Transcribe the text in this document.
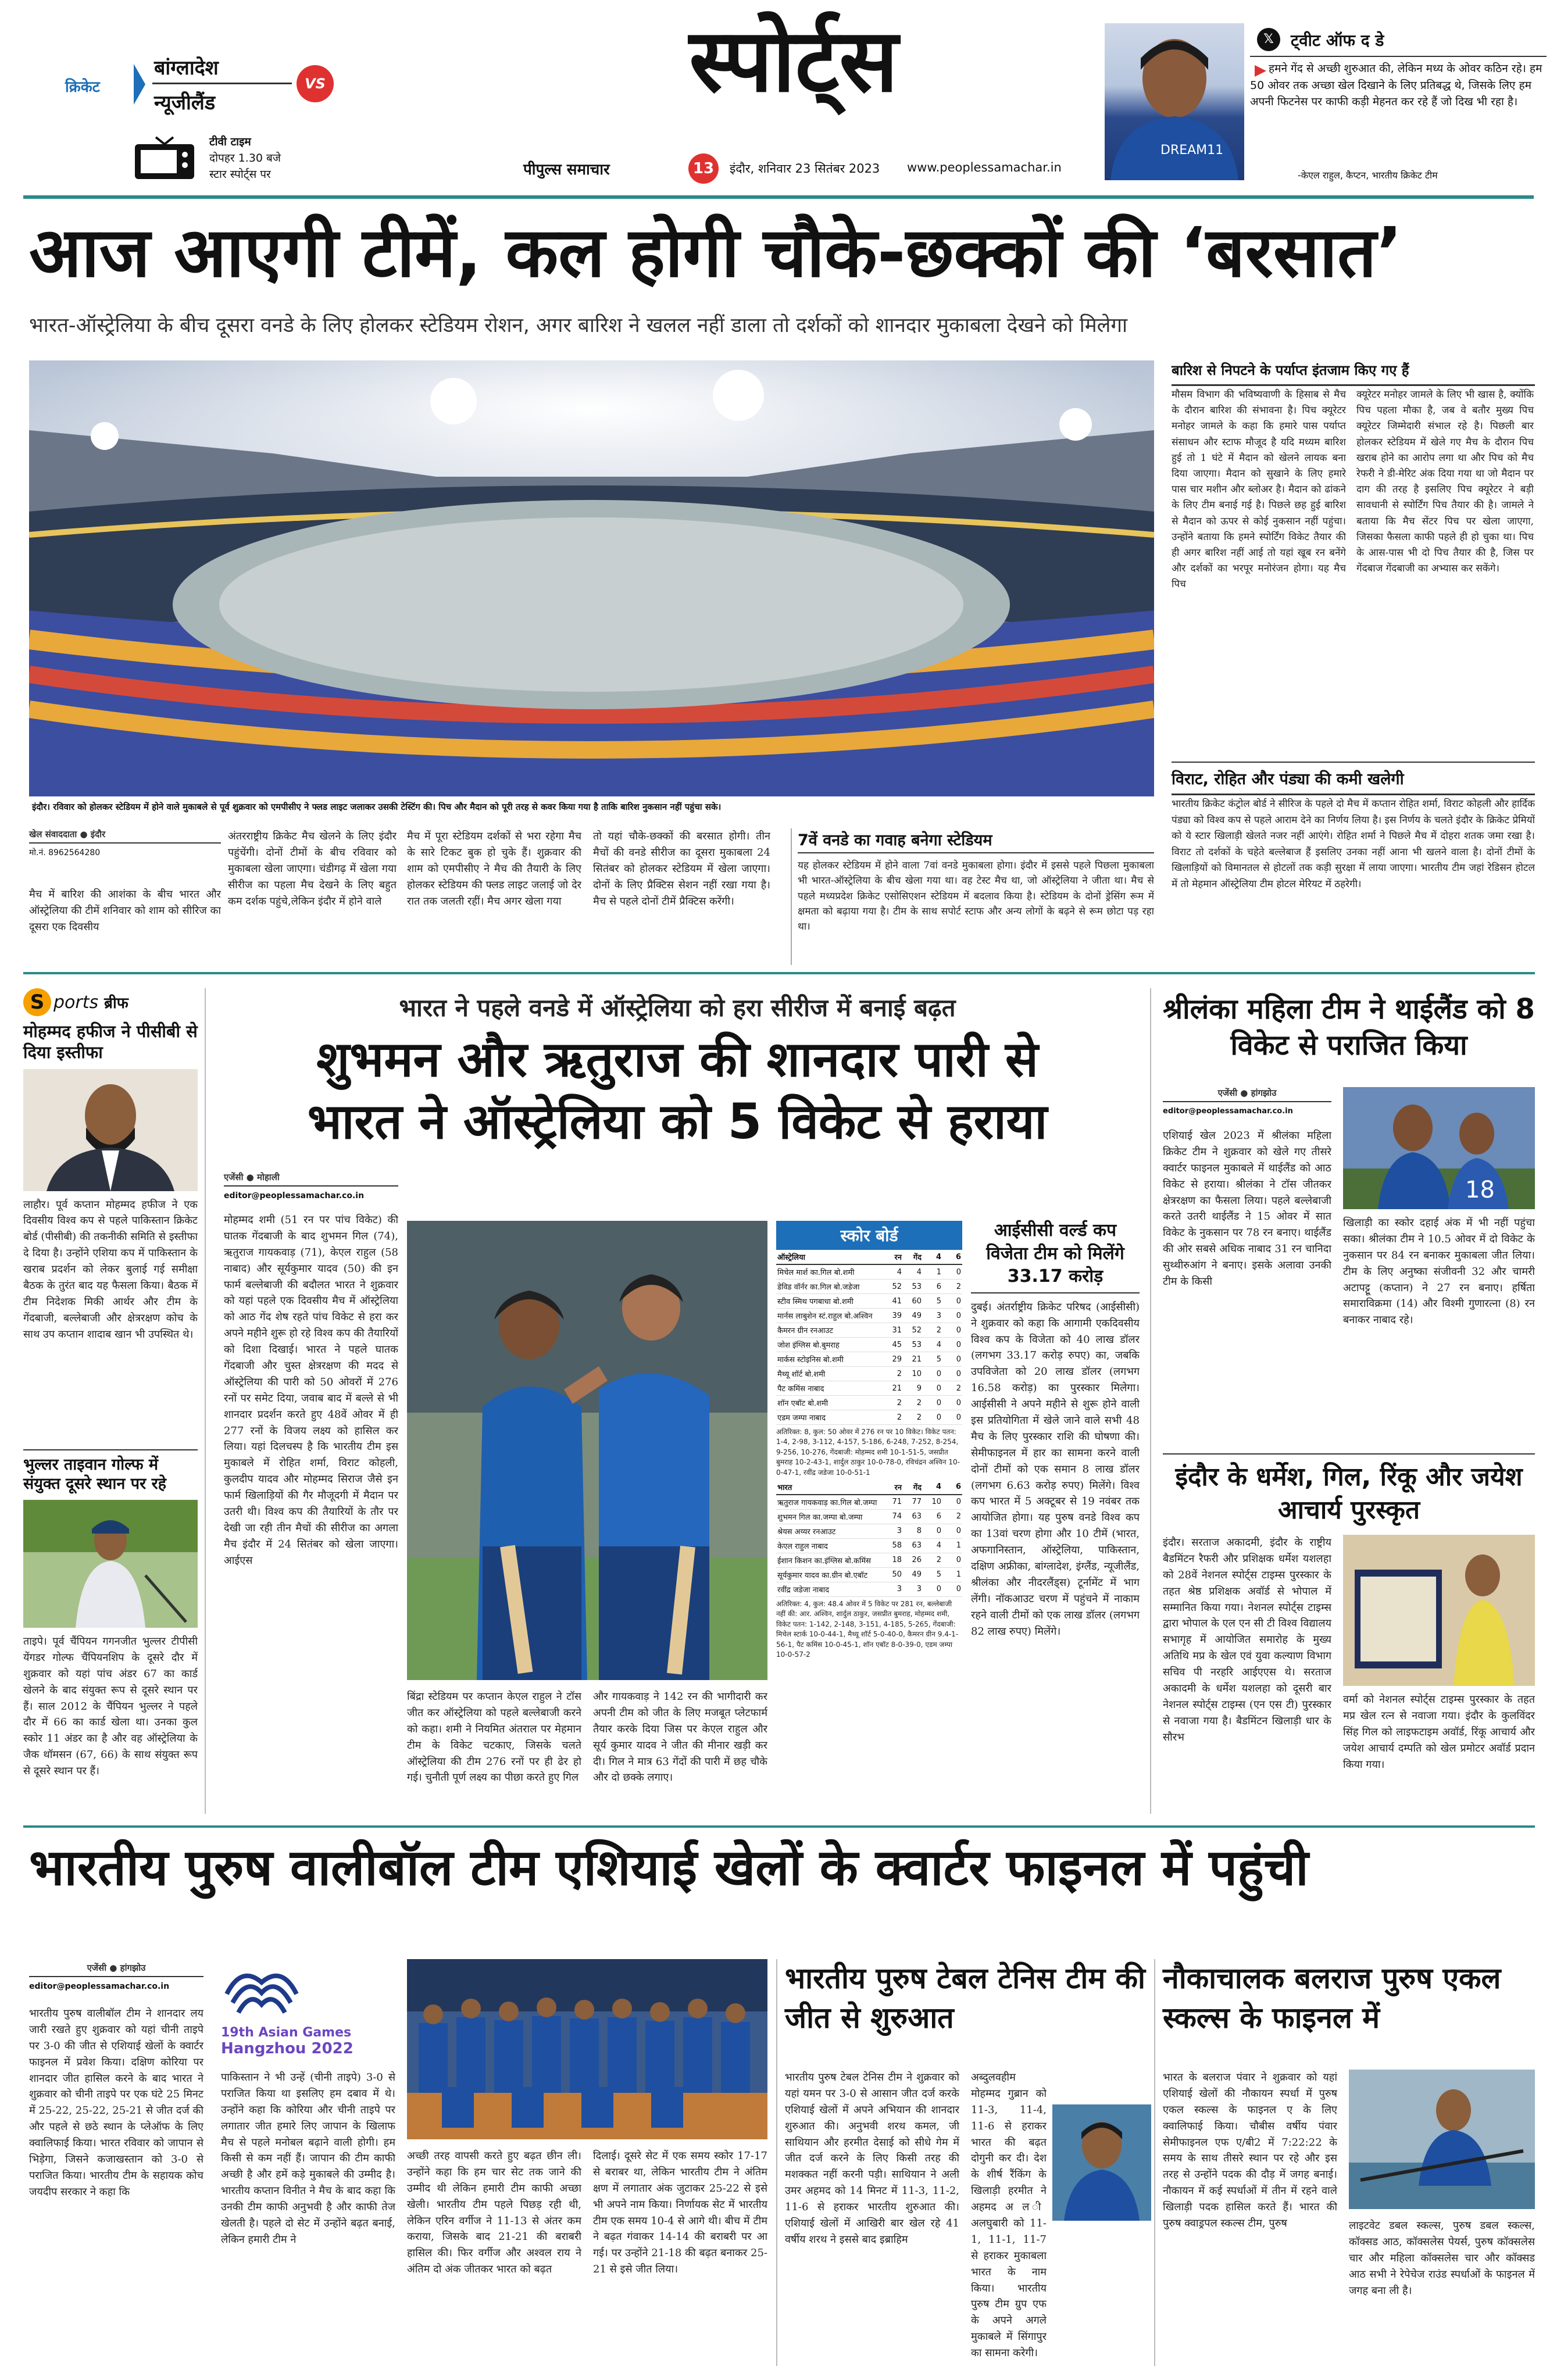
क्रिकेट
बांग्लादेश
न्यूजीलैंड
VS
टीवी टाइम
दोपहर 1.30 बजे
स्टार स्पोर्ट्स पर
स्पोर्ट्स
पीपुल्स समाचार	13	इंदौर, शनिवार 23 सितंबर 2023 www.peoplessamachar.in
DREAM11
𝕏	ट्वीट ऑफ द डे
हमने गेंद से अच्छी शुरुआत की, लेकिन मध्य के ओवर कठिन रहे। हम 50 ओवर तक अच्छा खेल दिखाने के लिए प्रतिबद्ध थे, जिसके लिए हम अपनी फिटनेस पर काफी कड़ी मेहनत कर रहे हैं जो दिख भी रहा है।
-केएल राहुल, कैप्टन, भारतीय क्रिकेट टीम
आज आएगी टीमें, कल होगी चौके-छक्कों की ‘बरसात’
भारत-ऑस्ट्रेलिया के बीच दूसरा वनडे के लिए होलकर स्टेडियम रोशन, अगर बारिश ने खलल नहीं डाला तो दर्शकों को शानदार मुकाबला देखने को मिलेगा
इंदौर। रविवार को होलकर स्टेडियम में होने वाले मुकाबले से पूर्व शुक्रवार को एमपीसीए ने फ्लड लाइट जलाकर उसकी टेस्टिंग की। पिच और मैदान को पूरी तरह से कवर किया गया है ताकि बारिश नुकसान नहीं पहुंचा सके।
बारिश से निपटने के पर्याप्त इंतजाम किए गए हैं
मौसम विभाग की भविष्यवाणी के हिसाब से मैच के दौरान बारिश की संभावना है। पिच क्यूरेटर मनोहर जामले के कहा कि हमारे पास पर्याप्त संसाधन और स्टाफ मौजूद है यदि मध्यम बारिश हुई तो 1 घंटे में मैदान को खेलने लायक बना दिया जाएगा। मैदान को सुखाने के लिए हमारे पास चार मशीन और ब्लोअर है। मैदान को ढांकने के लिए टीम बनाई गई है। पिछले छह हुई बारिश से मैदान को ऊपर से कोई नुकसान नहीं पहुंचा। उन्होंने बताया कि हमने स्पोर्टिंग विकेट तैयार की ही अगर बारिश नहीं आई तो यहां खूब रन बनेंगे और दर्शकों का भरपूर मनोरंजन होगा। यह मैच पिच
क्यूरेटर मनोहर जामले के लिए भी खास है, क्योंकि पिच पहला मौका है, जब वे बतौर मुख्य पिच क्यूरेटर जिम्मेदारी संभाल रहे है। पिछली बार होलकर स्टेडियम में खेले गए मैच के दौरान पिच खराब होने का आरोप लगा था और पिच को मैच रेफरी ने डी-मेरिट अंक दिया गया था जो मैदान पर दाग की तरह है इसलिए पिच क्यूरेटर ने बड़ी सावधानी से स्पोर्टिंग पिच तैयार की है। जामले ने बताया कि मैच सेंटर पिच पर खेला जाएगा, जिसका फैसला काफी पहले ही हो चुका था। पिच के आस-पास भी दो पिच तैयार की है, जिस पर गेंदबाज गेंदबाजी का अभ्यास कर सकेंगे।
विराट, रोहित और पंड्या की कमी खलेगी
भारतीय क्रिकेट कंट्रोल बोर्ड ने सीरिज के पहले दो मैच में कप्तान रोहित शर्मा, विराट कोहली और हार्दिक पंड्या को विश्व कप से पहले आराम देने का निर्णय लिया है। इस निर्णय के चलते इंदौर के क्रिकेट प्रेमियों को ये स्टार खिलाड़ी खेलते नजर नहीं आएंगे। रोहित शर्मा ने पिछले मैच में दोहरा शतक जमा रखा है। विराट तो दर्शकों के चहेते बल्लेबाज हैं इसलिए उनका नहीं आना भी खलने वाला है। दोनों टीमों के खिलाड़ियों को विमानतल से होटलों तक कड़ी सुरक्षा में लाया जाएगा। भारतीय टीम जहां रेडिसन होटल में तो मेहमान ऑस्ट्रेलिया टीम होटल मेरियट में ठहरेगी।
खेल संवाददाता ● इंदौर
मो.नं. 8962564280
मैच में बारिश की आशंका के बीच भारत और ऑस्ट्रेलिया की टीमें शनिवार को शाम को सीरिज का दूसरा एक दिवसीय
अंतरराष्ट्रीय क्रिकेट मैच खेलने के लिए इंदौर पहुंचेंगी। दोनों टीमों के बीच रविवार को मुकाबला खेला जाएगा। चंडीगढ़ में खेला गया सीरीज का पहला मैच देखने के लिए बहुत कम दर्शक पहुंचे,लेकिन इंदौर में होने वाले
मैच में पूरा स्टेडियम दर्शकों से भरा रहेगा मैच के सारे टिकट बुक हो चुके हैं। शुक्रवार की शाम को एमपीसीए ने मैच की तैयारी के लिए होलकर स्टेडियम की फ्लड लाइट जलाई जो देर रात तक जलती रहीं। मैच अगर खेला गया
तो यहां चौके-छक्कों की बरसात होगी। तीन मैचों की वनडे सीरीज का दूसरा मुकाबला 24 सितंबर को होलकर स्टेडियम में खेला जाएगा। दोनों के लिए प्रैक्टिस सेशन नहीं रखा गया है। मैच से पहले दोनों टीमें प्रैक्टिस करेंगी।
7वें वनडे का गवाह बनेगा स्टेडियम
यह होलकर स्टेडियम में होने वाला 7वां वनडे मुकाबला होगा। इंदौर में इससे पहले पिछला मुकाबला भी भारत-ऑस्ट्रेलिया के बीच खेला गया था। वह टेस्ट मैच था, जो ऑस्ट्रेलिया ने जीता था। मैच से पहले मध्यप्रदेश क्रिकेट एसोसिएशन स्टेडियम में बदलाव किया है। स्टेडियम के दोनों ड्रेसिंग रूम में क्षमता को बढ़ाया गया है। टीम के साथ सपोर्ट स्टाफ और अन्य लोगों के बढ़ने से रूम छोटा पड़ रहा था।
S ports ब्रीफ
मोहम्मद हफीज ने पीसीबी से दिया इस्तीफा
लाहौर। पूर्व कप्तान मोहम्मद हफीज ने एक दिवसीय विश्व कप से पहले पाकिस्तान क्रिकेट बोर्ड (पीसीबी) की तकनीकी समिति से इस्तीफा दे दिया है। उन्होंने एशिया कप में पाकिस्तान के खराब प्रदर्शन को लेकर बुलाई गई समीक्षा बैठक के तुरंत बाद यह फैसला किया। बैठक में टीम निदेशक मिकी आर्थर और टीम के गेंदबाजी, बल्लेबाजी और क्षेत्ररक्षण कोच के साथ उप कप्तान शादाब खान भी उपस्थित थे।
भुल्लर ताइवान गोल्फ में संयुक्त दूसरे स्थान पर रहे
ताइपे। पूर्व चैंपियन गगनजीत भुल्लर टीपीसी येंगडर गोल्फ चैंपियनशिप के दूसरे दौर में शुक्रवार को यहां पांच अंडर 67 का कार्ड खेलने के बाद संयुक्त रूप से दूसरे स्थान पर हैं। साल 2012 के चैंपियन भुल्लर ने पहले दौर में 66 का कार्ड खेला था। उनका कुल स्कोर 11 अंडर का है और वह ऑस्ट्रेलिया के जैक थॉमसन (67, 66) के साथ संयुक्त रूप से दूसरे स्थान पर हैं।
भारत ने पहले वनडे में ऑस्ट्रेलिया को हरा सीरीज में बनाई बढ़त
शुभमन और ऋतुराज की शानदार पारी से
भारत ने ऑस्ट्रेलिया को 5 विकेट से हराया
एजेंसी ● मोहाली
editor@peoplessamachar.co.in
मोहम्मद शमी (51 रन पर पांच विकेट) की घातक गेंदबाजी के बाद शुभमन गिल (74), ऋतुराज गायकवाड़ (71), केएल राहुल (58 नाबाद) और सूर्यकुमार यादव (50) की इन फार्म बल्लेबाजी की बदौलत भारत ने शुक्रवार को यहां पहले एक दिवसीय मैच में ऑस्ट्रेलिया को आठ गेंद शेष रहते पांच विकेट से हरा कर अपने महीने शुरू हो रहे विश्व कप की तैयारियों को दिशा दिखाई। भारत ने पहले घातक गेंदबाजी और चुस्त क्षेत्ररक्षण की मदद से ऑस्ट्रेलिया की पारी को 50 ओवरों में 276 रनों पर समेट दिया, जवाब बाद में बल्ले से भी शानदार प्रदर्शन करते हुए 48वें ओवर में ही 277 रनों के विजय लक्ष्य को हासिल कर लिया। यहां दिलचस्प है कि भारतीय टीम इस मुकाबले में रोहित शर्मा, विराट कोहली, कुलदीप यादव और मोहम्मद सिराज जैसे इन फार्म खिलाड़ियों की गैर मौजूदगी में मैदान पर उतरी थी। विश्व कप की तैयारियों के तौर पर देखी जा रही तीन मैचों की सीरीज का अगला मैच इंदौर में 24 सितंबर को खेला जाएगा। आईएस
बिंद्रा स्टेडियम पर कप्तान केएल राहुल ने टॉस जीत कर ऑस्ट्रेलिया को पहले बल्लेबाजी करने को कहा। शमी ने नियमित अंतराल पर मेहमान टीम के विकेट चटकाए, जिसके चलते ऑस्ट्रेलिया की टीम 276 रनों पर ही ढेर हो गई। चुनौती पूर्ण लक्ष्य का पीछा करते हुए गिल
और गायकवाड़ ने 142 रन की भागीदारी कर अपनी टीम को जीत के लिए मजबूत प्लेटफार्म तैयार करके दिया जिस पर केएल राहुल और सूर्य कुमार यादव ने जीत की मीनार खड़ी कर दी। गिल ने मात्र 63 गेंदों की पारी में छह चौके और दो छक्के लगाए।
स्कोर बोर्ड
ऑस्ट्रेलिया	रन	गेंद	4	6
मिचेल मार्श का.गिल बो.शमी	4	4	1	0
डेविड वॉर्नर का.गिल बो.जडेजा	52	53	6	2
स्टीव स्मिथ पगबाधा बो.शमी	41	60	5	0
मार्नस लाबुशेन स्टं.राहुल बो.अश्विन	39	49	3	0
कैमरन ग्रीन रनआउट	31	52	2	0
जोश इंग्लिस बो.बुमराह	45	53	4	0
मार्कस स्टोइनिस बो.शमी	29	21	5	0
मैथ्यू शॉर्ट बो.शमी	2	10	0	0
पैट कमिंस नाबाद	21	9	0	2
शॉन एबॉट बो.शमी	2	2	0	0
एडम जम्पा नाबाद	2	2	0	0
अतिरिक्त: 8, कुल: 50 ओवर में 276 रन पर 10 विकेट। विकेट पतन: 1-4, 2-98, 3-112, 4-157, 5-186, 6-248, 7-252, 8-254, 9-256, 10-276, गेंदबाजी: मोहम्मद शमी 10-1-51-5, जसप्रीत बुमराह 10-2-43-1, शार्दुल ठाकुर 10-0-78-0, रविचंद्रन अश्विन 10-0-47-1, रवींद्र जडेजा 10-0-51-1
भारत	रन	गेंद	4	6
ऋतुराज गायकवाड़ का.गिल बो.जम्पा	71	77	10	0
शुभमन गिल का.जम्पा बो.जम्पा	74	63	6	2
श्रेयस अय्यर रनआउट	3	8	0	0
केएल राहुल नाबाद	58	63	4	1
ईशान किशन का.इंग्लिस बो.कमिंस	18	26	2	0
सूर्यकुमार यादव का.ग्रीन बो.एबॉट	50	49	5	1
रवींद्र जडेजा नाबाद	3	3	0	0
अतिरिक्त: 4, कुल: 48.4 ओवर में 5 विकेट पर 281 रन, बल्लेबाजी नहीं की: आर. अश्विन, शार्दुल ठाकुर, जसप्रीत बुमराह, मोहम्मद शमी, विकेट पतन: 1-142, 2-148, 3-151, 4-185, 5-265, गेंदबाजी: मिचेल स्टार्क 10-0-44-1, मैथ्यू शॉर्ट 5-0-40-0, कैमरन ग्रीन 9.4-1-56-1, पैट कमिंस 10-0-45-1, शॉन एबॉट 8-0-39-0, एडम जम्पा 10-0-57-2
आईसीसी वर्ल्ड कप
विजेता टीम को मिलेंगे
33.17 करोड़
दुबई। अंतर्राष्ट्रीय क्रिकेट परिषद (आईसीसी) ने शुक्रवार को कहा कि आगामी एकदिवसीय विश्व कप के विजेता को 40 लाख डॉलर (लगभग 33.17 करोड़ रुपए) का, जबकि उपविजेता को 20 लाख डॉलर (लगभग 16.58 करोड़) का पुरस्कार मिलेगा। आईसीसी ने अपने महीने से शुरू होने वाली इस प्रतियोगिता में खेले जाने वाले सभी 48 मैच के लिए पुरस्कार राशि की घोषणा की। सेमीफाइनल में हार का सामना करने वाली दोनों टीमों को एक समान 8 लाख डॉलर (लगभग 6.63 करोड़ रुपए) मिलेंगे। विश्व कप भारत में 5 अक्टूबर से 19 नवंबर तक आयोजित होगा। यह पुरुष वनडे विश्व कप का 13वां चरण होगा और 10 टीमें (भारत, अफगानिस्तान, ऑस्ट्रेलिया, पाकिस्तान, दक्षिण अफ्रीका, बांग्लादेश, इंग्लैंड, न्यूजीलैंड, श्रीलंका और नीदरलैंड्स) टूर्नामेंट में भाग लेंगी। नॉकआउट चरण में पहुंचने में नाकाम रहने वाली टीमों को एक लाख डॉलर (लगभग 82 लाख रुपए) मिलेंगे।
श्रीलंका महिला टीम ने थाईलैंड को 8 विकेट से पराजित किया
एजेंसी ● हांगझोउ
editor@peoplessamachar.co.in
एशियाई खेल 2023 में श्रीलंका महिला क्रिकेट टीम ने शुक्रवार को खेले गए तीसरे क्वार्टर फाइनल मुकाबले में थाईलैंड को आठ विकेट से हराया। श्रीलंका ने टॉस जीतकर क्षेत्ररक्षण का फैसला लिया। पहले बल्लेबाजी करते उतरी थाईलैंड ने 15 ओवर में सात विकेट के नुकसान पर 78 रन बनाए। थाईलैंड की ओर सबसे अधिक नाबाद 31 रन चानिदा सुथ्थीरुआंग ने बनाए। इसके अलावा उनकी टीम के किसी
18
खिलाड़ी का स्कोर दहाई अंक में भी नहीं पहुंचा सका। श्रीलंका टीम ने 10.5 ओवर में दो विकेट के नुकसान पर 84 रन बनाकर मुकाबला जीत लिया। टीम के लिए अनुष्का संजीवनी 32 और चामरी अटापट्टू (कप्तान) ने 27 रन बनाए। हर्षिता समाराविक्रमा (14) और विश्मी गुणारत्ना (8) रन बनाकर नाबाद रहे।
इंदौर के धर्मेश, गिल, रिंकू और जयेश आचार्य पुरस्कृत
इंदौर। सरताज अकादमी, इंदौर के राष्ट्रीय बैडमिंटन रैफरी और प्रशिक्षक धर्मेश यशलहा को 28वें नेशनल स्पोर्ट्स टाइम्स पुरस्कार के तहत श्रेष्ठ प्रशिक्षक अवॉर्ड से भोपाल में सम्मानित किया गया। नेशनल स्पोर्ट्स टाइम्स द्वारा भोपाल के एल एन सी टी विश्व विद्यालय सभागृह में आयोजित समारोह के मुख्य अतिथि मप्र के खेल एवं युवा कल्याण विभाग सचिव पी नरहरि आईएएस थे। सरताज अकादमी के धर्मेश यशलहा को दूसरी बार नेशनल स्पोर्ट्स टाइम्स (एन एस टी) पुरस्कार से नवाजा गया है। बैडमिंटन खिलाड़ी धार के सौरभ
वर्मा को नेशनल स्पोर्ट्स टाइम्स पुरस्कार के तहत मप्र खेल रत्न से नवाजा गया। इंदौर के कुलविंदर सिंह गिल को लाइफटाइम अवॉर्ड, रिंकू आचार्य और जयेश आचार्य दम्पति को खेल प्रमोटर अवॉर्ड प्रदान किया गया।
भारतीय पुरुष वालीबॉल टीम एशियाई खेलों के क्वार्टर फाइनल में पहुंची
एजेंसी ● हांगझोउ
editor@peoplessamachar.co.in
भारतीय पुरुष वालीबॉल टीम ने शानदार लय जारी रखते हुए शुक्रवार को यहां चीनी ताइपे पर 3-0 की जीत से एशियाई खेलों के क्वार्टर फाइनल में प्रवेश किया। दक्षिण कोरिया पर शानदार जीत हासिल करने के बाद भारत ने शुक्रवार को चीनी ताइपे पर एक घंटे 25 मिनट में 25-22, 25-22, 25-21 से जीत दर्ज की और पहले से छठे स्थान के प्लेऑफ के लिए क्वालिफाई किया। भारत रविवार को जापान से भिड़ेगा, जिसने कजाखस्तान को 3-0 से पराजित किया। भारतीय टीम के सहायक कोच जयदीप सरकार ने कहा कि
19th Asian Games
Hangzhou 2022
पाकिस्तान ने भी उन्हें (चीनी ताइपे) 3-0 से पराजित किया था इसलिए हम दबाव में थे। उन्होंने कहा कि कोरिया और चीनी ताइपे पर लगातार जीत हमारे लिए जापान के खिलाफ मैच से पहले मनोबल बढ़ाने वाली होगी। हम किसी से कम नहीं हैं। जापान की टीम काफी अच्छी है और हमें कड़े मुकाबले की उम्मीद है। भारतीय कप्तान विनीत ने मैच के बाद कहा कि उनकी टीम काफी अनुभवी है और काफी तेज खेलती है। पहले दो सेट में उन्होंने बढ़त बनाई, लेकिन हमारी टीम ने
अच्छी तरह वापसी करते हुए बढ़त छीन ली। उन्होंने कहा कि हम चार सेट तक जाने की उम्मीद थी लेकिन हमारी टीम काफी अच्छा खेली। भारतीय टीम पहले पिछड़ रही थी, लेकिन एरिन वर्गीज ने 11-13 से अंतर कम कराया, जिसके बाद 21-21 की बराबरी हासिल की। फिर वर्गीज और अश्वल राय ने अंतिम दो अंक जीतकर भारत को बढ़त
दिलाई। दूसरे सेट में एक समय स्कोर 17-17 से बराबर था, लेकिन भारतीय टीम ने अंतिम क्षण में लगातार अंक जुटाकर 25-22 से इसे भी अपने नाम किया। निर्णायक सेट में भारतीय टीम एक समय 10-4 से आगे थी। बीच में टीम ने बढ़त गंवाकर 14-14 की बराबरी पर आ गई। पर उन्होंने 21-18 की बढ़त बनाकर 25-21 से इसे जीत लिया।
भारतीय पुरुष टेबल टेनिस टीम की जीत से शुरुआत
भारतीय पुरुष टेबल टेनिस टीम ने शुक्रवार को यहां यमन पर 3-0 से आसान जीत दर्ज करके एशियाई खेलों में अपने अभियान की शानदार शुरुआत की। अनुभवी शरथ कमल, जी साथियान और हरमीत देसाई को सीधे गेम में जीत दर्ज करने के लिए किसी तरह की मशक्कत नहीं करनी पड़ी। साथियान ने अली उमर अहमद को 14 मिनट में 11-3, 11-2, 11-6 से हराकर भारतीय शुरुआत की। एशियाई खेलों में आखिरी बार खेल रहे 41 वर्षीय शरथ ने इससे बाद इब्राहिम
अब्दुलवहीम मोहम्मद गुब्रान को 11-3, 11-4, 11-6 से हराकर भारत की बढ़त दोगुनी कर दी। देश के शीर्ष रैंकिंग के खिलाड़ी हरमीत ने अहमद अ ल ी अलघुबारी को 11-1, 11-1, 11-7 से हराकर मुकाबला भारत के नाम किया। भारतीय पुरुष टीम ग्रुप एफ के अपने अगले मुकाबले में सिंगापुर का सामना करेगी।
नौकाचालक बलराज पुरुष एकल स्कल्स के फाइनल में
भारत के बलराज पंवार ने शुक्रवार को यहां एशियाई खेलों की नौकायन स्पर्धा में पुरुष एकल स्कल्स के फाइनल ए के लिए क्वालिफाई किया। चौबीस वर्षीय पंवार सेमीफाइनल एफ ए/बी2 में 7:22:22 के समय के साथ तीसरे स्थान पर रहे और इस तरह से उन्होंने पदक की दौड़ में जगह बनाई। नौकायन में कई स्पर्धाओं में तीन में रहने वाले खिलाड़ी पदक हासिल करते हैं। भारत की पुरुष क्वाड्रपल स्कल्स टीम, पुरुष	लाइटवेट डबल स्कल्स, पुरुष डबल स्कल्स, कॉक्सड आठ, कॉक्सलेस पेयर्स, पुरुष कॉक्सलेस चार और महिला कॉक्सलेस चार और कॉक्सड आठ सभी ने रेपेचेज राउंड स्पर्धाओं के फाइनल में जगह बना ली है।
